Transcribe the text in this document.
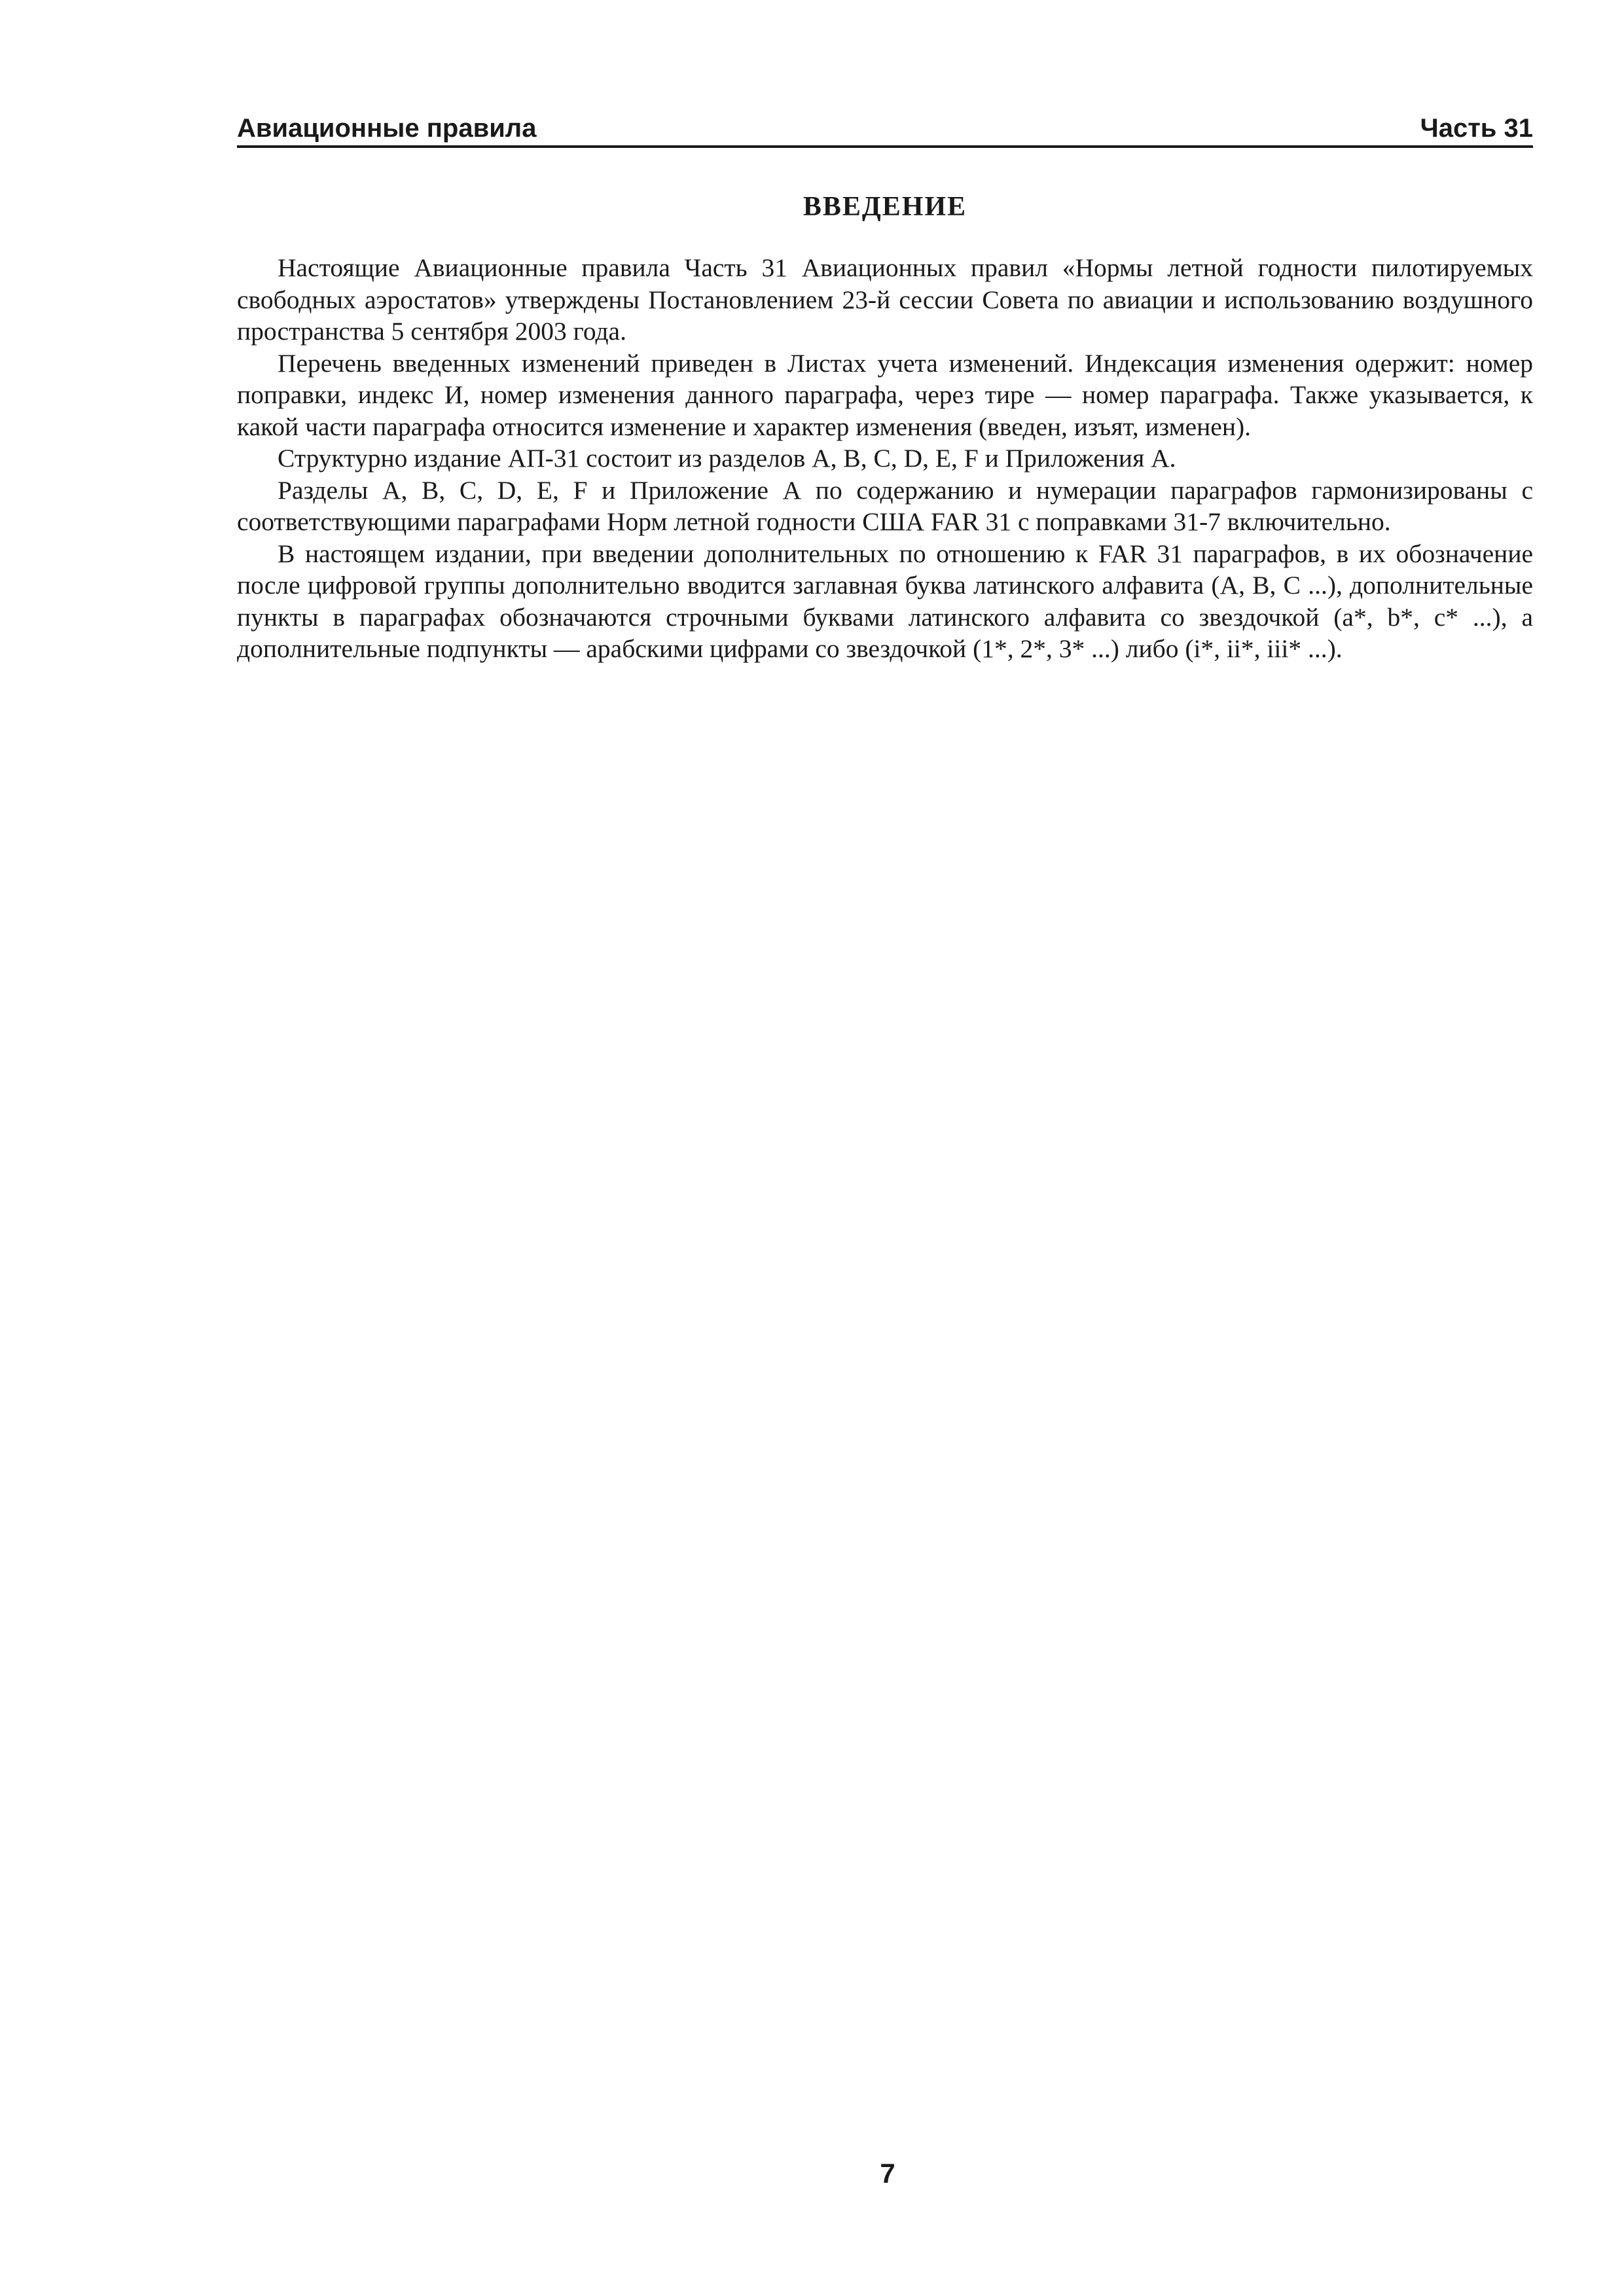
Авиационные правила	Часть 31
ВВЕДЕНИЕ

Настоящие Авиационные правила Часть 31 Авиационных правил «Нормы летной годности пилотируемых свободных аэростатов» утверждены Постановлением 23-й сессии Совета по авиации и использованию воздушного пространства 5 сентября 2003 года.

Перечень введенных изменений приведен в Листах учета изменений. Индексация изменения одержит: номер поправки, индекс И, номер изменения данного параграфа, через тире — номер параграфа. Также указывается, к какой части параграфа относится изменение и характер изменения (введен, изъят, изменен).

Структурно издание АП-31 состоит из разделов A, B, C, D, E, F и Приложения А.

Разделы A, B, C, D, E, F и Приложение А по содержанию и нумерации параграфов гармонизированы с соответствующими параграфами Норм летной годности США FAR 31 с поправками 31-7 включительно.

В настоящем издании, при введении дополнительных по отношению к FAR 31 параграфов, в их обозначение после цифровой группы дополнительно вводится заглавная буква латинского алфавита (A, B, C ...), дополнительные пункты в параграфах обозначаются строчными буквами латинского алфавита со звездочкой (a*, b*, c* ...), а дополнительные подпункты — арабскими цифрами со звездочкой (1*, 2*, 3* ...) либо (i*, ii*, iii* ...).

7
